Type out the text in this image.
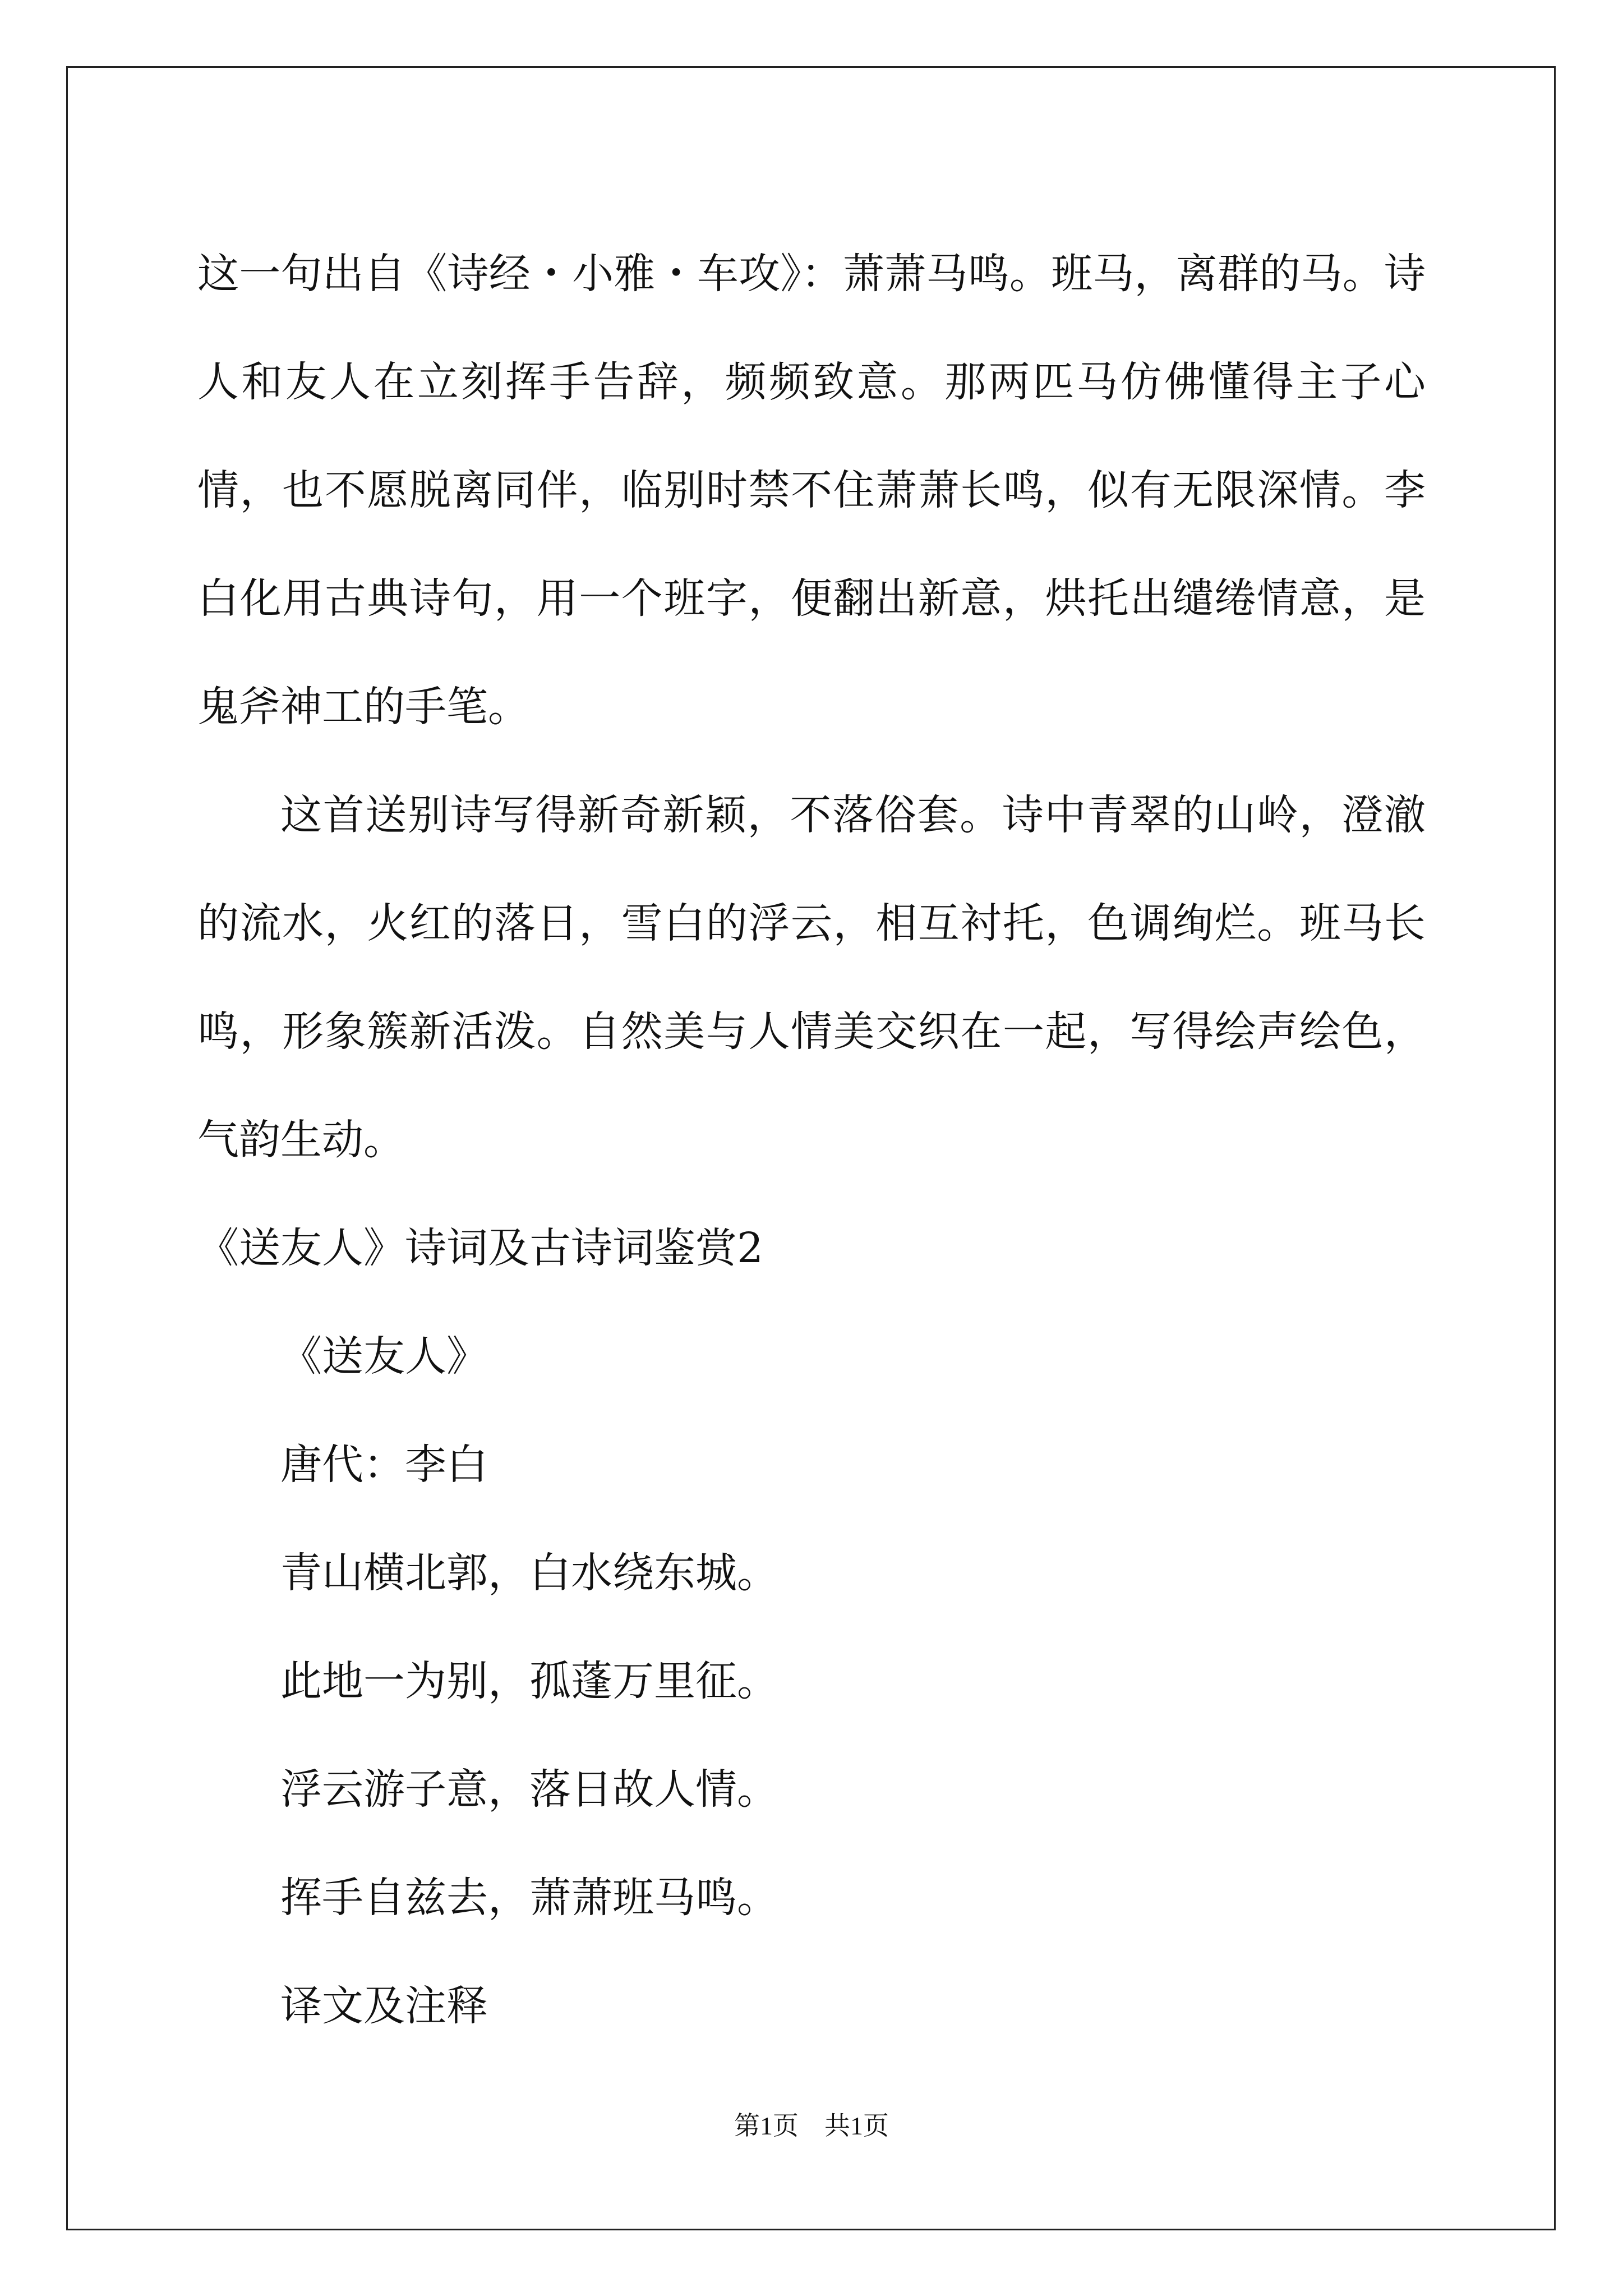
这一句出自《诗经・小雅・车攻》：萧萧马鸣。班马，离群的马。诗人和友人在立刻挥手告辞，频频致意。那两匹马仿佛懂得主子心情，也不愿脱离同伴，临别时禁不住萧萧长鸣，似有无限深情。李白化用古典诗句，用一个班字，便翻出新意，烘托出缱绻情意，是鬼斧神工的手笔。

这首送别诗写得新奇新颖，不落俗套。诗中青翠的山岭，澄澈的流水，火红的落日，雪白的浮云，相互衬托，色调绚烂。班马长鸣，形象簇新活泼。自然美与人情美交织在一起，写得绘声绘色，气韵生动。

《送友人》诗词及古诗词鉴赏2

《送友人》

唐代：李白

青山横北郭，白水绕东城。

此地一为别，孤蓬万里征。

浮云游子意，落日故人情。

挥手自兹去，萧萧班马鸣。

译文及注释

第1页　共1页
